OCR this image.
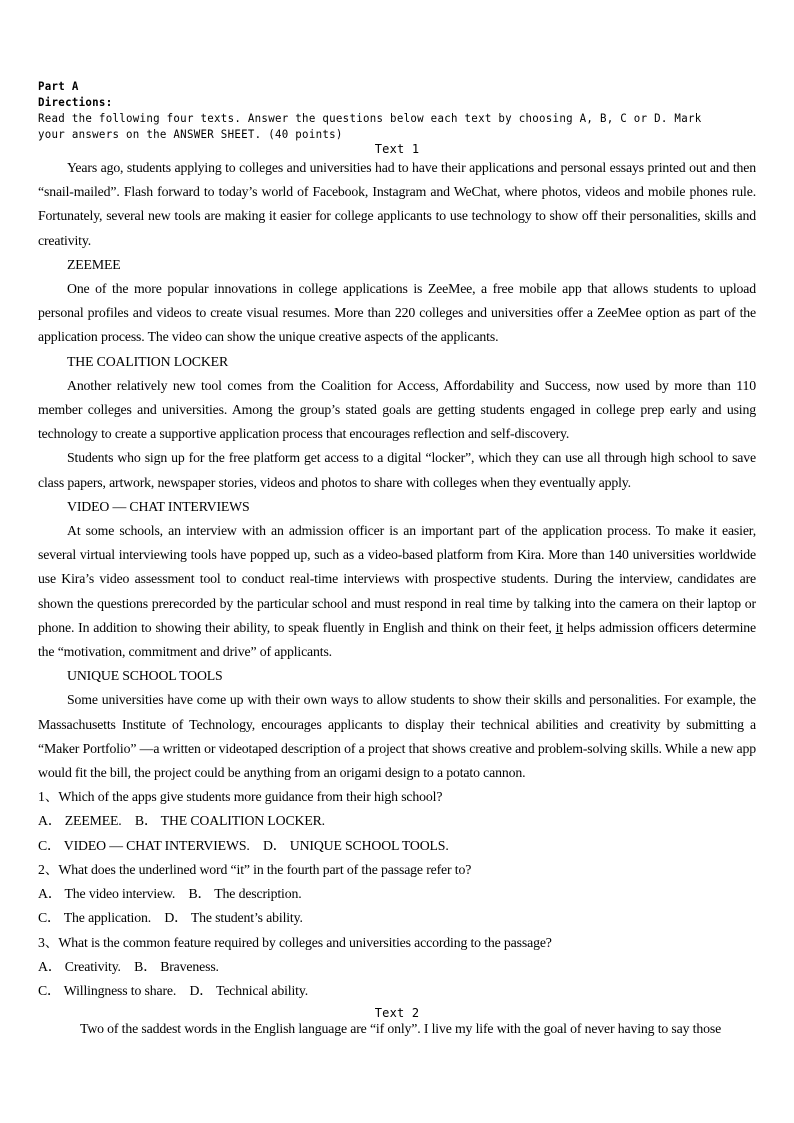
Part A
Directions:
Read the following four texts. Answer the questions below each text by choosing A, B, C or D. Mark
your answers on the ANSWER SHEET. (40 points)
Text 1

Years ago, students applying to colleges and universities had to have their applications and personal essays printed out and then “snail-mailed”. Flash forward to today’s world of Facebook, Instagram and WeChat, where photos, videos and mobile phones rule. Fortunately, several new tools are making it easier for college applicants to use technology to show off their personalities, skills and creativity.

ZEEMEE

One of the more popular innovations in college applications is ZeeMee, a free mobile app that allows students to upload personal profiles and videos to create visual resumes. More than 220 colleges and universities offer a ZeeMee option as part of the application process. The video can show the unique creative aspects of the applicants.

THE COALITION LOCKER

Another relatively new tool comes from the Coalition for Access, Affordability and Success, now used by more than 110 member colleges and universities. Among the group’s stated goals are getting students engaged in college prep early and using technology to create a supportive application process that encourages reflection and self-discovery.

Students who sign up for the free platform get access to a digital “locker”, which they can use all through high school to save class papers, artwork, newspaper stories, videos and photos to share with colleges when they eventually apply.

VIDEO — CHAT INTERVIEWS

At some schools, an interview with an admission officer is an important part of the application process. To make it easier, several virtual interviewing tools have popped up, such as a video-based platform from Kira. More than 140 universities worldwide use Kira’s video assessment tool to conduct real-time interviews with prospective students. During the interview, candidates are shown the questions prerecorded by the particular school and must respond in real time by talking into the camera on their laptop or phone. In addition to showing their ability, to speak fluently in English and think on their feet, it helps admission officers determine the “motivation, commitment and drive” of applicants.

UNIQUE SCHOOL TOOLS

Some universities have come up with their own ways to allow students to show their skills and personalities. For example, the Massachusetts Institute of Technology, encourages applicants to display their technical abilities and creativity by submitting a “Maker Portfolio” —a written or videotaped description of a project that shows creative and problem-solving skills. While a new app would fit the bill, the project could be anything from an origami design to a potato cannon.

1、Which of the apps give students more guidance from their high school?

A． ZEEMEE. B． THE COALITION LOCKER.

C． VIDEO — CHAT INTERVIEWS. D． UNIQUE SCHOOL TOOLS.

2、What does the underlined word “it” in the fourth part of the passage refer to?

A． The video interview. B． The description.

C． The application. D． The student’s ability.

3、What is the common feature required by colleges and universities according to the passage?

A． Creativity. B． Braveness.

C． Willingness to share. D． Technical ability.

Text 2

Two of the saddest words in the English language are “if only”. I live my life with the goal of never having to say those
